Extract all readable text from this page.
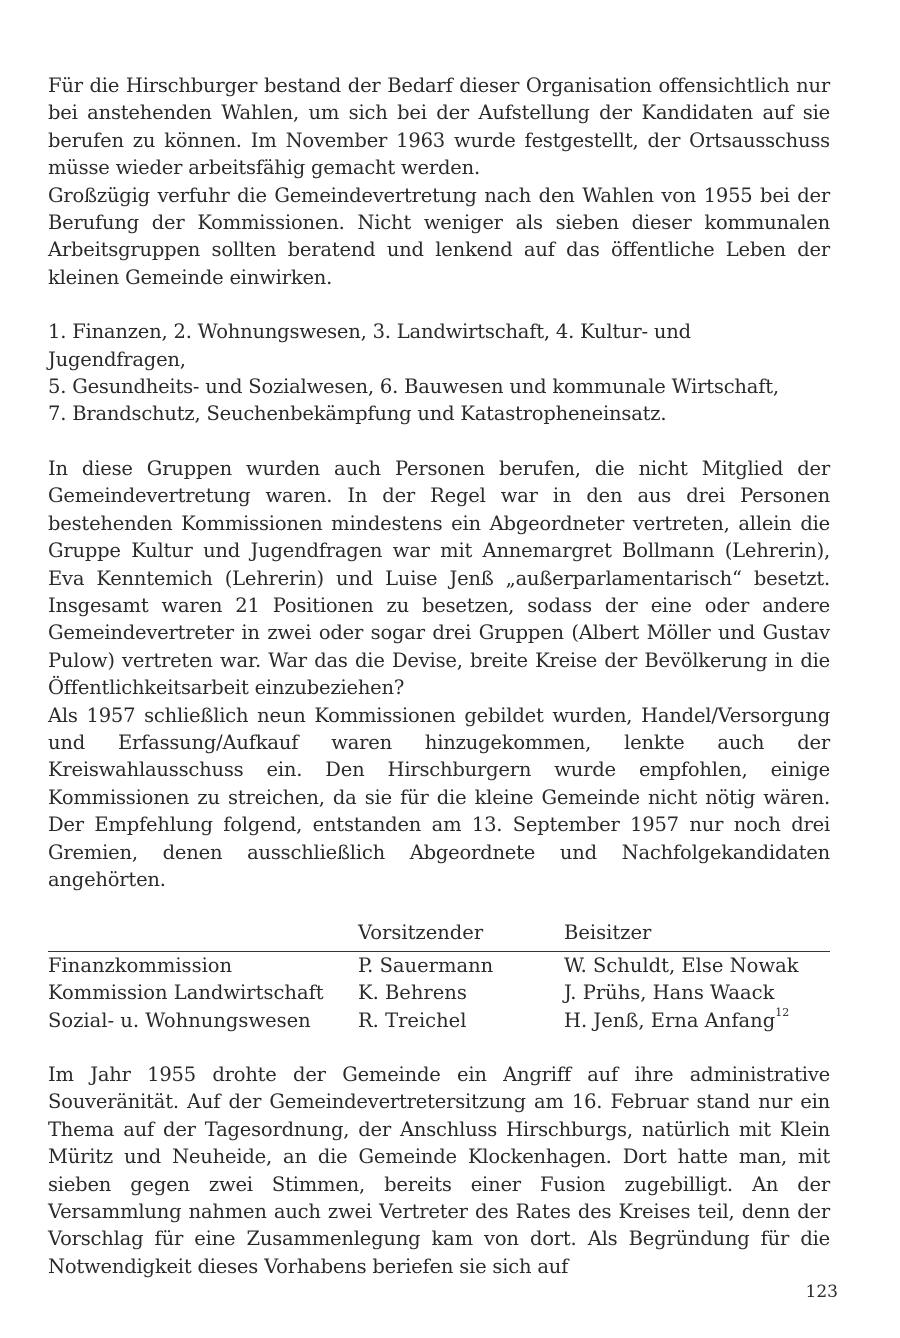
Für die Hirschburger bestand der Bedarf dieser Organisation offensichtlich nur bei anstehenden Wahlen, um sich bei der Aufstellung der Kandidaten auf sie berufen zu können. Im November 1963 wurde festgestellt, der Ortsausschuss müsse wieder arbeitsfähig gemacht werden.

Großzügig verfuhr die Gemeindevertretung nach den Wahlen von 1955 bei der Berufung der Kommissionen. Nicht weniger als sieben dieser kommunalen Arbeitsgruppen sollten beratend und lenkend auf das öffentliche Leben der kleinen Gemeinde einwirken.

1. Finanzen, 2. Wohnungswesen, 3. Landwirtschaft, 4. Kultur- und Jugendfragen,

5. Gesundheits- und Sozialwesen, 6. Bauwesen und kommunale Wirtschaft,

7. Brandschutz, Seuchenbekämpfung und Katastropheneinsatz.

In diese Gruppen wurden auch Personen berufen, die nicht Mitglied der Gemeindevertretung waren. In der Regel war in den aus drei Personen bestehenden Kommissionen mindestens ein Abgeordneter vertreten, allein die Gruppe Kultur und Jugendfragen war mit Annemargret Bollmann (Lehrerin), Eva Kenntemich (Lehrerin) und Luise Jenß „außerparlamentarisch“ besetzt. Insgesamt waren 21 Positionen zu besetzen, sodass der eine oder andere Gemeindevertreter in zwei oder sogar drei Gruppen (Albert Möller und Gustav Pulow) vertreten war. War das die Devise, breite Kreise der Bevölkerung in die Öffentlichkeitsarbeit einzubeziehen?

Als 1957 schließlich neun Kommissionen gebildet wurden, Handel/Versorgung und Erfassung/Aufkauf waren hinzugekommen, lenkte auch der Kreiswahlausschuss ein. Den Hirschburgern wurde empfohlen, einige Kommissionen zu streichen, da sie für die kleine Gemeinde nicht nötig wären. Der Empfehlung folgend, entstanden am 13. September 1957 nur noch drei Gremien, denen ausschließlich Abgeordnete und Nachfolgekandidaten angehörten.

	Vorsitzender	Beisitzer
Finanzkommission	P. Sauermann	W. Schuldt, Else Nowak
Kommission Landwirtschaft	K. Behrens	J. Prühs, Hans Waack
Sozial- u. Wohnungswesen	R. Treichel	H. Jenß, Erna Anfang$^{12}$

Im Jahr 1955 drohte der Gemeinde ein Angriff auf ihre administrative Souveränität. Auf der Gemeindevertretersitzung am 16. Februar stand nur ein Thema auf der Tagesordnung, der Anschluss Hirschburgs, natürlich mit Klein Müritz und Neuheide, an die Gemeinde Klockenhagen. Dort hatte man, mit sieben gegen zwei Stimmen, bereits einer Fusion zugebilligt. An der Versammlung nahmen auch zwei Vertreter des Rates des Kreises teil, denn der Vorschlag für eine Zusammenlegung kam von dort. Als Begründung für die Notwendigkeit dieses Vorhabens beriefen sie sich auf

123
